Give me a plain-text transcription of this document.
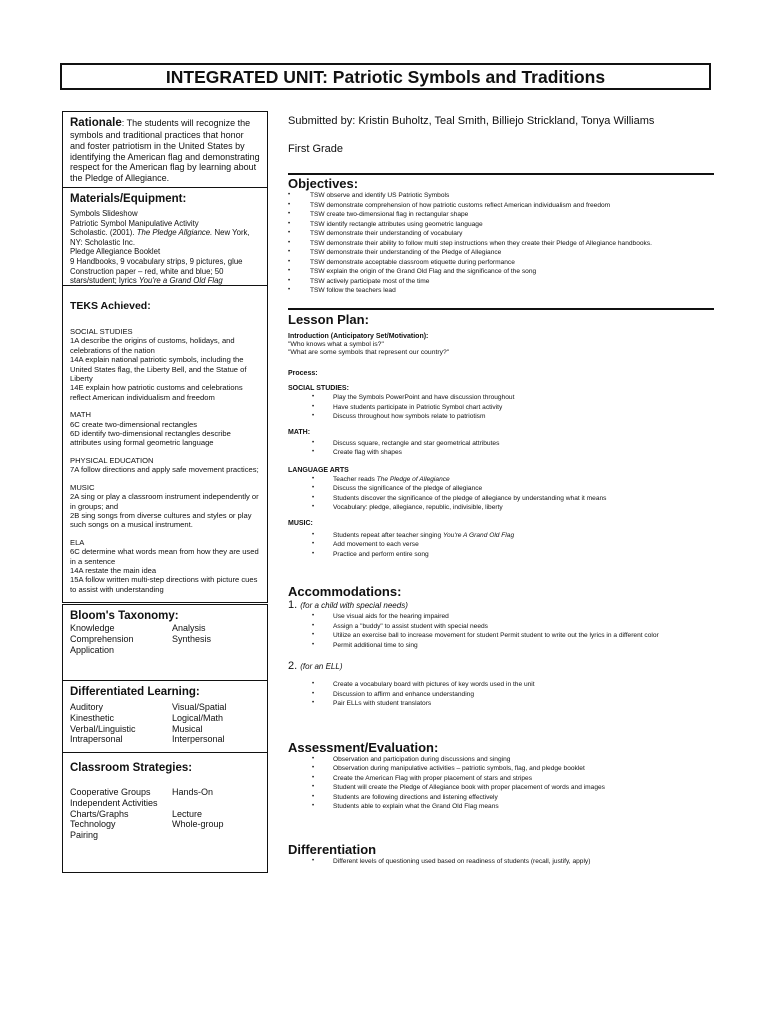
INTEGRATED UNIT: Patriotic Symbols and Traditions
Rationale: The students will recognize the symbols and traditional practices that honor and foster patriotism in the United States by identifying the American flag and demonstrating respect for the American flag by learning about the Pledge of Allegiance.
Materials/Equipment:
Symbols Slideshow
Patriotic Symbol Manipulative Activity
Scholastic. (2001). The Pledge Allgiance. New York, NY: Scholastic Inc.
Pledge Allegiance Booklet
9 Handbooks, 9 vocabulary strips, 9 pictures, glue
Construction paper – red, white and blue; 50
stars/student; lyrics You're a Grand Old Flag
TEKS Achieved:

SOCIAL STUDIES

1A describe the origins of customs, holidays, and celebrations of the nation

14A explain national patriotic symbols, including the United States flag, the Liberty Bell, and the Statue of Liberty

14E explain how patriotic customs and celebrations reflect American individualism and freedom

MATH

6C create two-dimensional rectangles

6D identify two-dimensional rectangles describe attributes using formal geometric language

PHYSICAL EDUCATION

7A follow directions and apply safe movement practices;

MUSIC

2A sing or play a classroom instrument independently or in groups; and

2B sing songs from diverse cultures and styles or play such songs on a musical instrument.

ELA

6C determine what words mean from how they are used in a sentence

14A restate the main idea

15A follow written multi-step directions with picture cues to assist with understanding

Bloom's Taxonomy:
Knowledge	Analysis
Comprehension	Synthesis
Application
Differentiated Learning:
Auditory	Visual/Spatial
Kinesthetic	Logical/Math
Verbal/Linguistic	Musical
Intrapersonal	Interpersonal
Classroom Strategies:
Cooperative Groups	Hands-On
Independent Activities
Charts/Graphs	Lecture
Technology	Whole-group
Pairing
Submitted by: Kristin Buholtz, Teal Smith, Billiejo Strickland, Tonya Williams
First Grade
Objectives:
• TSW observe and identify US Patriotic Symbols
• TSW demonstrate comprehension of how patriotic customs reflect American individualism and freedom
• TSW create two-dimensional flag in rectangular shape
• TSW identify rectangle attributes using geometric language
• TSW demonstrate their understanding of vocabulary
• TSW demonstrate their ability to follow multi step instructions when they create their Pledge of Allegiance handbooks.
• TSW demonstrate their understanding of the Pledge of Allegiance
• TSW demonstrate acceptable classroom etiquette during performance
• TSW explain the origin of the Grand Old Flag and the significance of the song
• TSW actively participate most of the time
• TSW follow the teachers lead
Lesson Plan:
Introduction (Anticipatory Set/Motivation):
"Who knows what a symbol is?"
"What are some symbols that represent our country?"
Process:
SOCIAL STUDIES:
• Play the Symbols PowerPoint and have discussion throughout
• Have students participate in Patriotic Symbol chart activity
• Discuss throughout how symbols relate to patriotism
MATH:
• Discuss square, rectangle and star geometrical attributes
• Create flag with shapes
LANGUAGE ARTS
• Teacher reads The Pledge of Allegiance
• Discuss the significance of the pledge of allegiance
• Students discover the significance of the pledge of allegiance by understanding what it means
• Vocabulary: pledge, allegiance, republic, indivisible, liberty
MUSIC:
• Students repeat after teacher singing You're A Grand Old Flag
• Add movement to each verse
• Practice and perform entire song
Accommodations:
1. (for a child with special needs)
• Use visual aids for the hearing impaired
• Assign a "buddy" to assist student with special needs
• Utilize an exercise ball to increase movement for student Permit student to write out the lyrics in a different color
• Permit additional time to sing
2. (for an ELL)
• Create a vocabulary board with pictures of key words used in the unit
• Discussion to affirm and enhance understanding
• Pair ELLs with student translators
Assessment/Evaluation:
• Observation and participation during discussions and singing
• Observation during manipulative activities – patriotic symbols, flag, and pledge booklet
• Create the American Flag with proper placement of stars and stripes
• Student will create the Pledge of Allegiance book with proper placement of words and images
• Students are following directions and listening effectively
• Students able to explain what the Grand Old Flag means
Differentiation
• Different levels of questioning used based on readiness of students (recall, justify, apply)
